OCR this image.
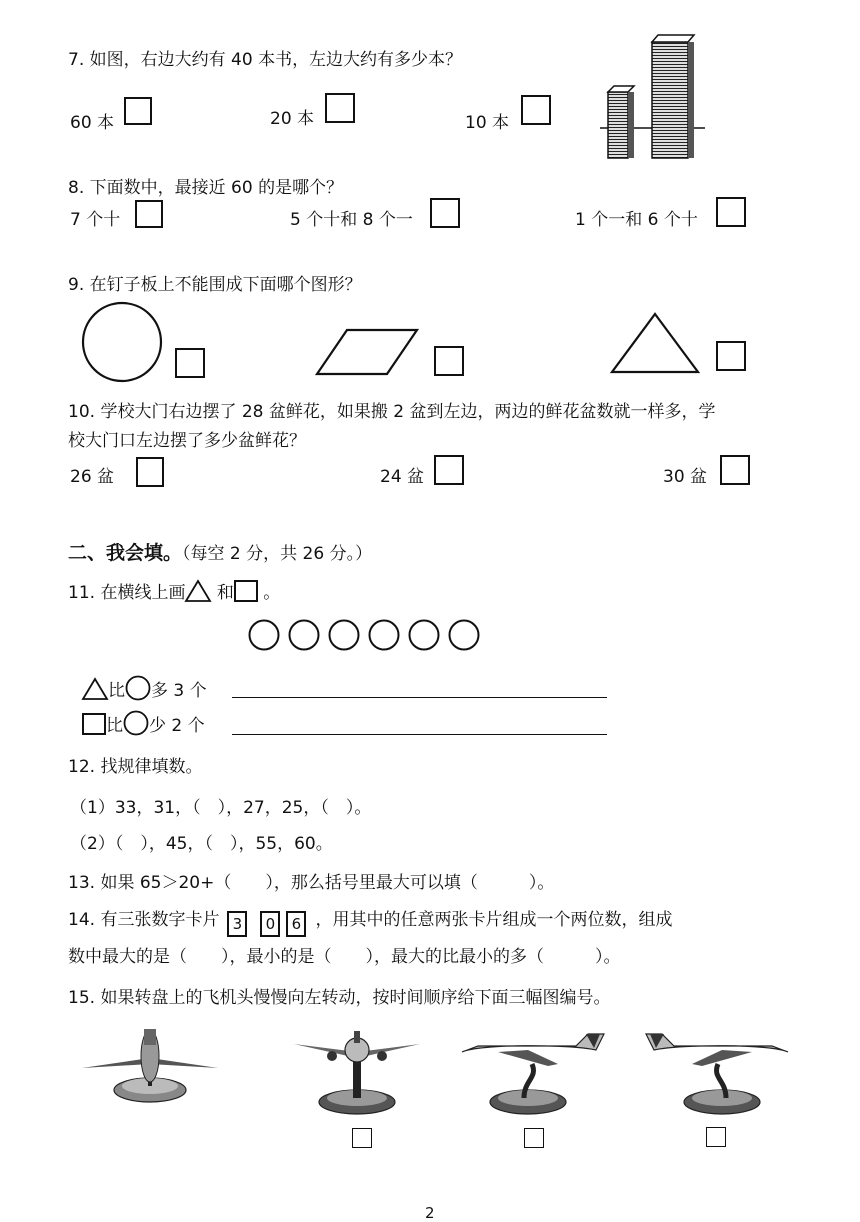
7. 如图，右边大约有 40 本书，左边大约有多少本？
60 本	20 本	10 本
8. 下面数中，最接近 60 的是哪个？
7 个十	5 个十和 8 个一	1 个一和 6 个十
9. 在钉子板上不能围成下面哪个图形？
10. 学校大门右边摆了 28 盆鲜花，如果搬 2 盆到左边，两边的鲜花盆数就一样多，学
校大门口左边摆了多少盆鲜花？
26 盆	24 盆	30 盆
二、我会填。（每空 2 分，共 26 分。）
11. 在横线上画 和 。
比 多 3 个
比 少 2 个
12. 找规律填数。
（1）33，31，（　），27，25，（　）。
（2）（　），45，（　），55，60。
13. 如果 65＞20+（　　），那么括号里最大可以填（　　　）。
14. 有三张数字卡片 3 0 6 ，用其中的任意两张卡片组成一个两位数，组成
数中最大的是（　　），最小的是（　　），最大的比最小的多（　　　）。
15. 如果转盘上的飞机头慢慢向左转动，按时间顺序给下面三幅图编号。
2
